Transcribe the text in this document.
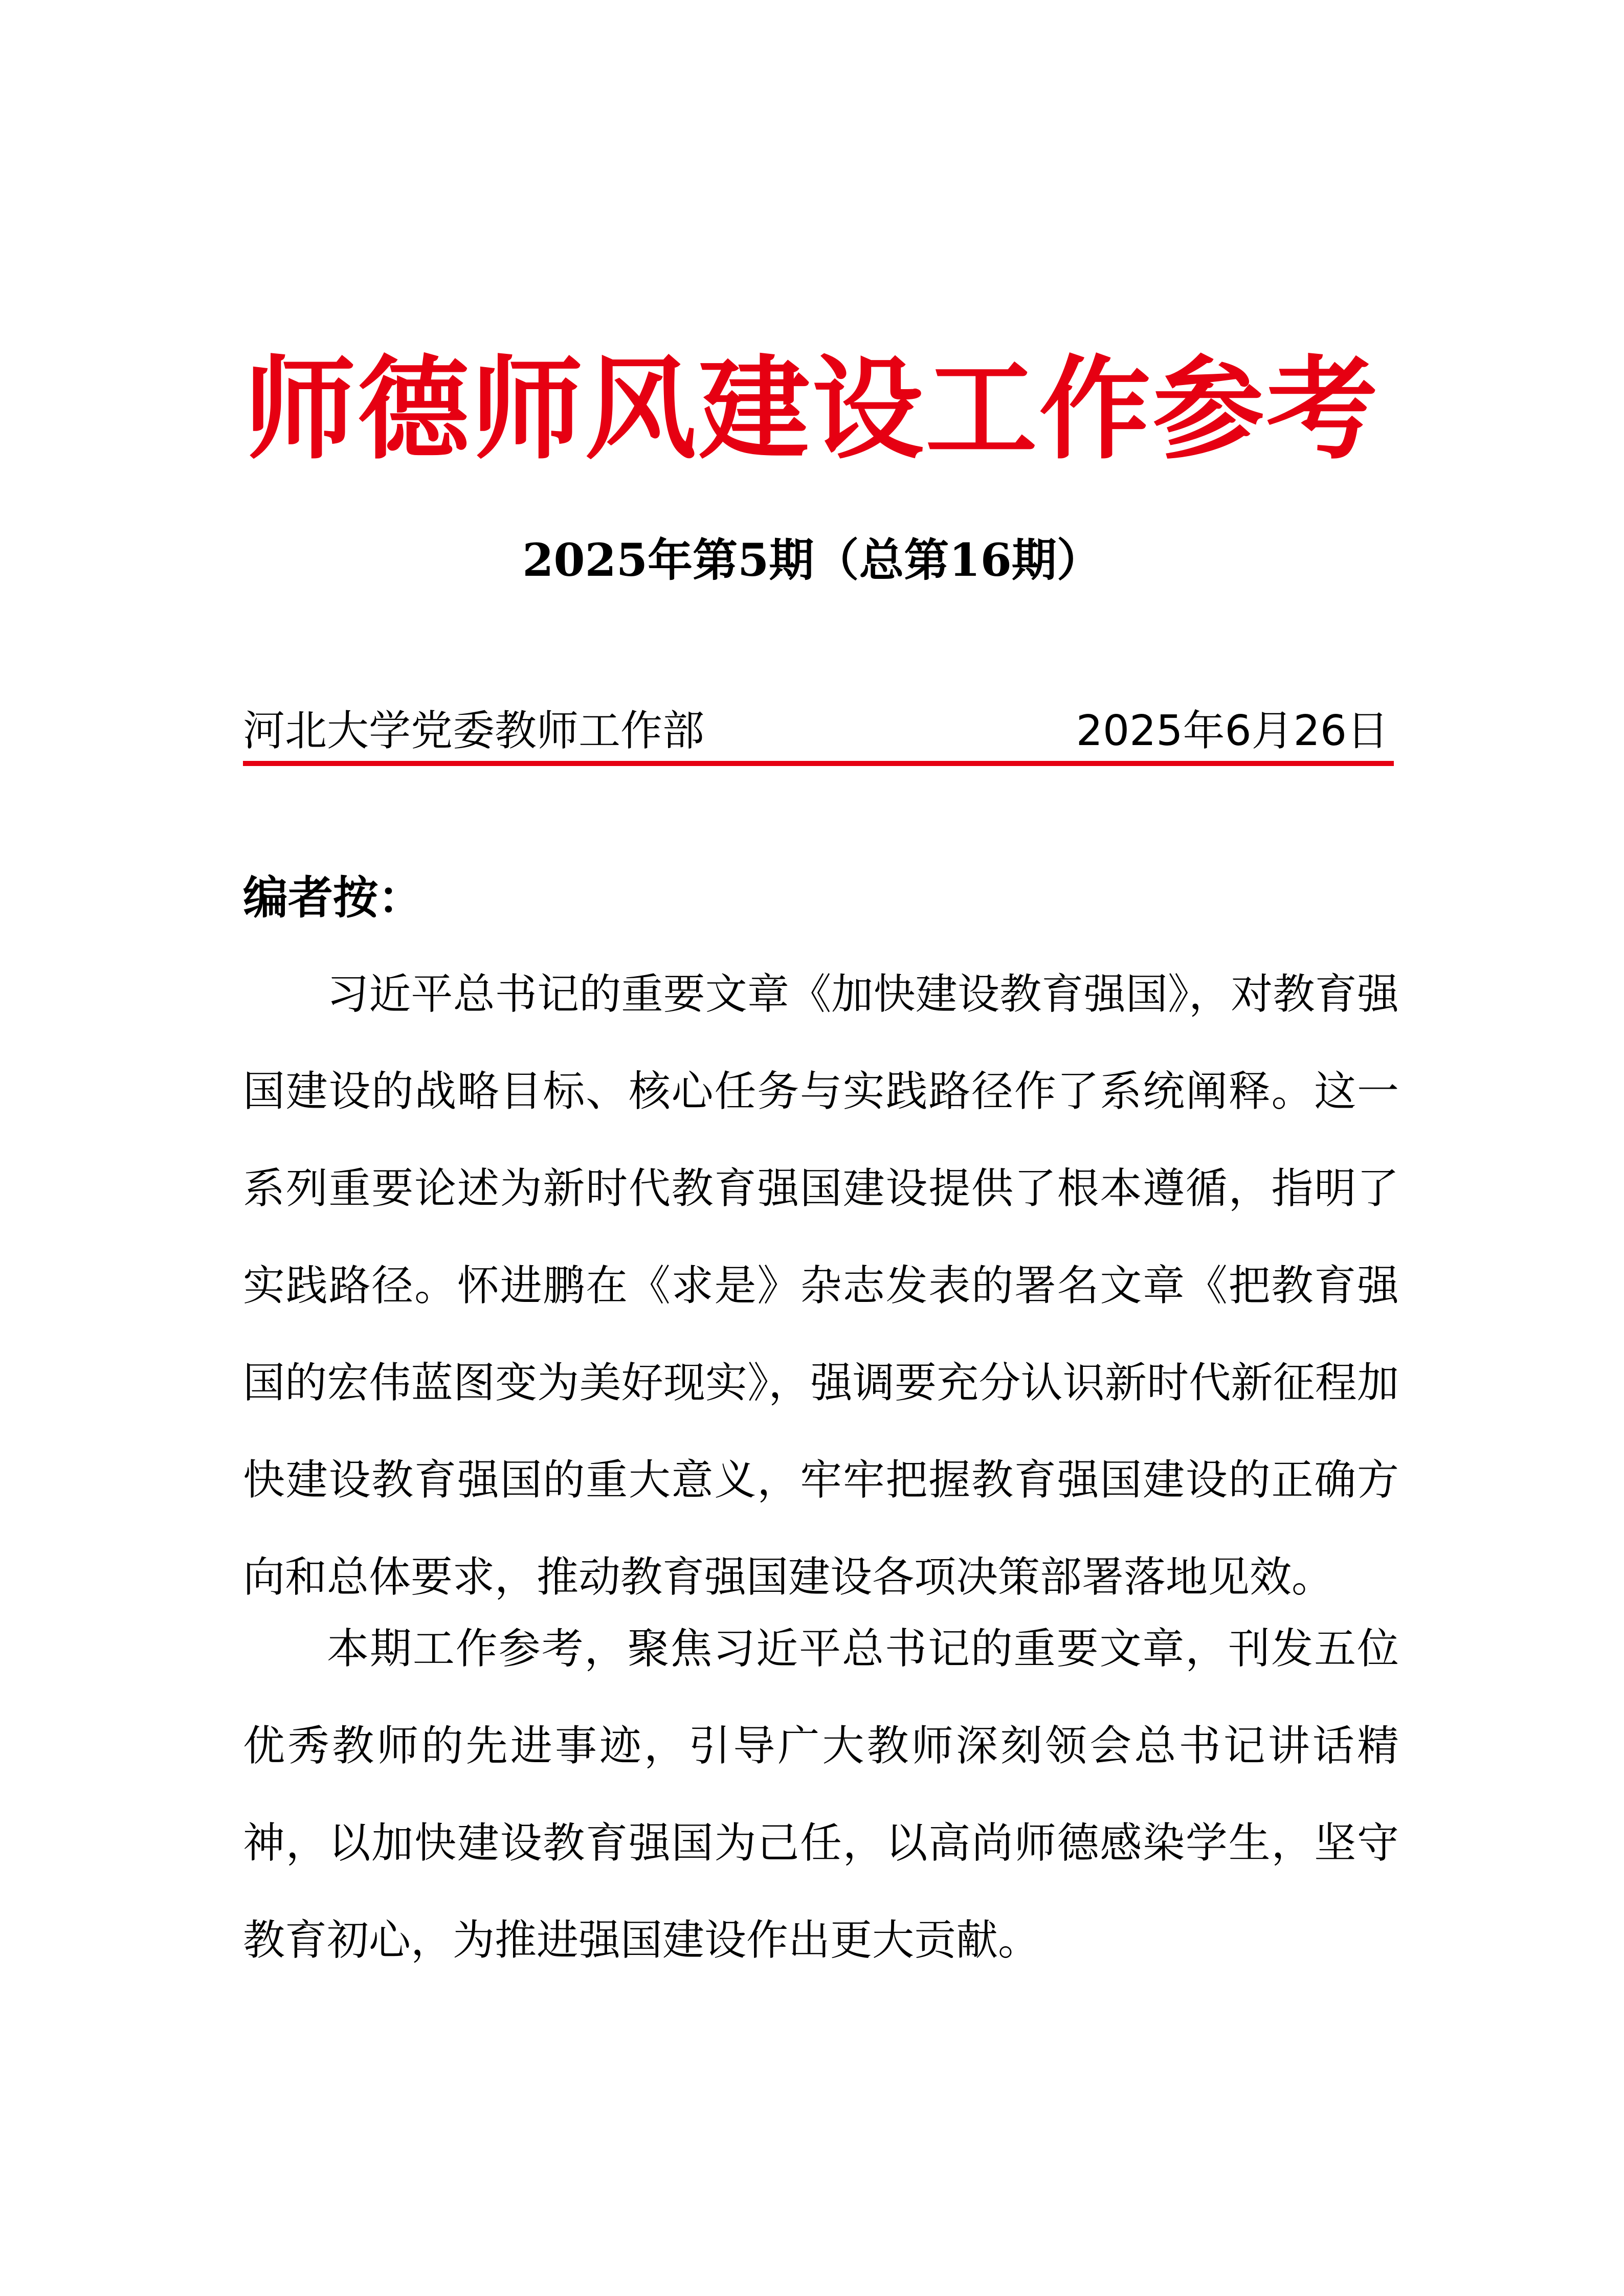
师德师风建设工作参考
2025年第5期（总第16期）
河北大学党委教师工作部	2025年6月26日
编者按：

习近平总书记的重要文章《加快建设教育强国》，对教育强国建设的战略目标、核心任务与实践路径作了系统阐释。这一系列重要论述为新时代教育强国建设提供了根本遵循，指明了实践路径。怀进鹏在《求是》杂志发表的署名文章《把教育强国的宏伟蓝图变为美好现实》，强调要充分认识新时代新征程加快建设教育强国的重大意义，牢牢把握教育强国建设的正确方向和总体要求，推动教育强国建设各项决策部署落地见效。

本期工作参考，聚焦习近平总书记的重要文章，刊发五位优秀教师的先进事迹，引导广大教师深刻领会总书记讲话精神，以加快建设教育强国为己任，以高尚师德感染学生，坚守教育初心，为推进强国建设作出更大贡献。
